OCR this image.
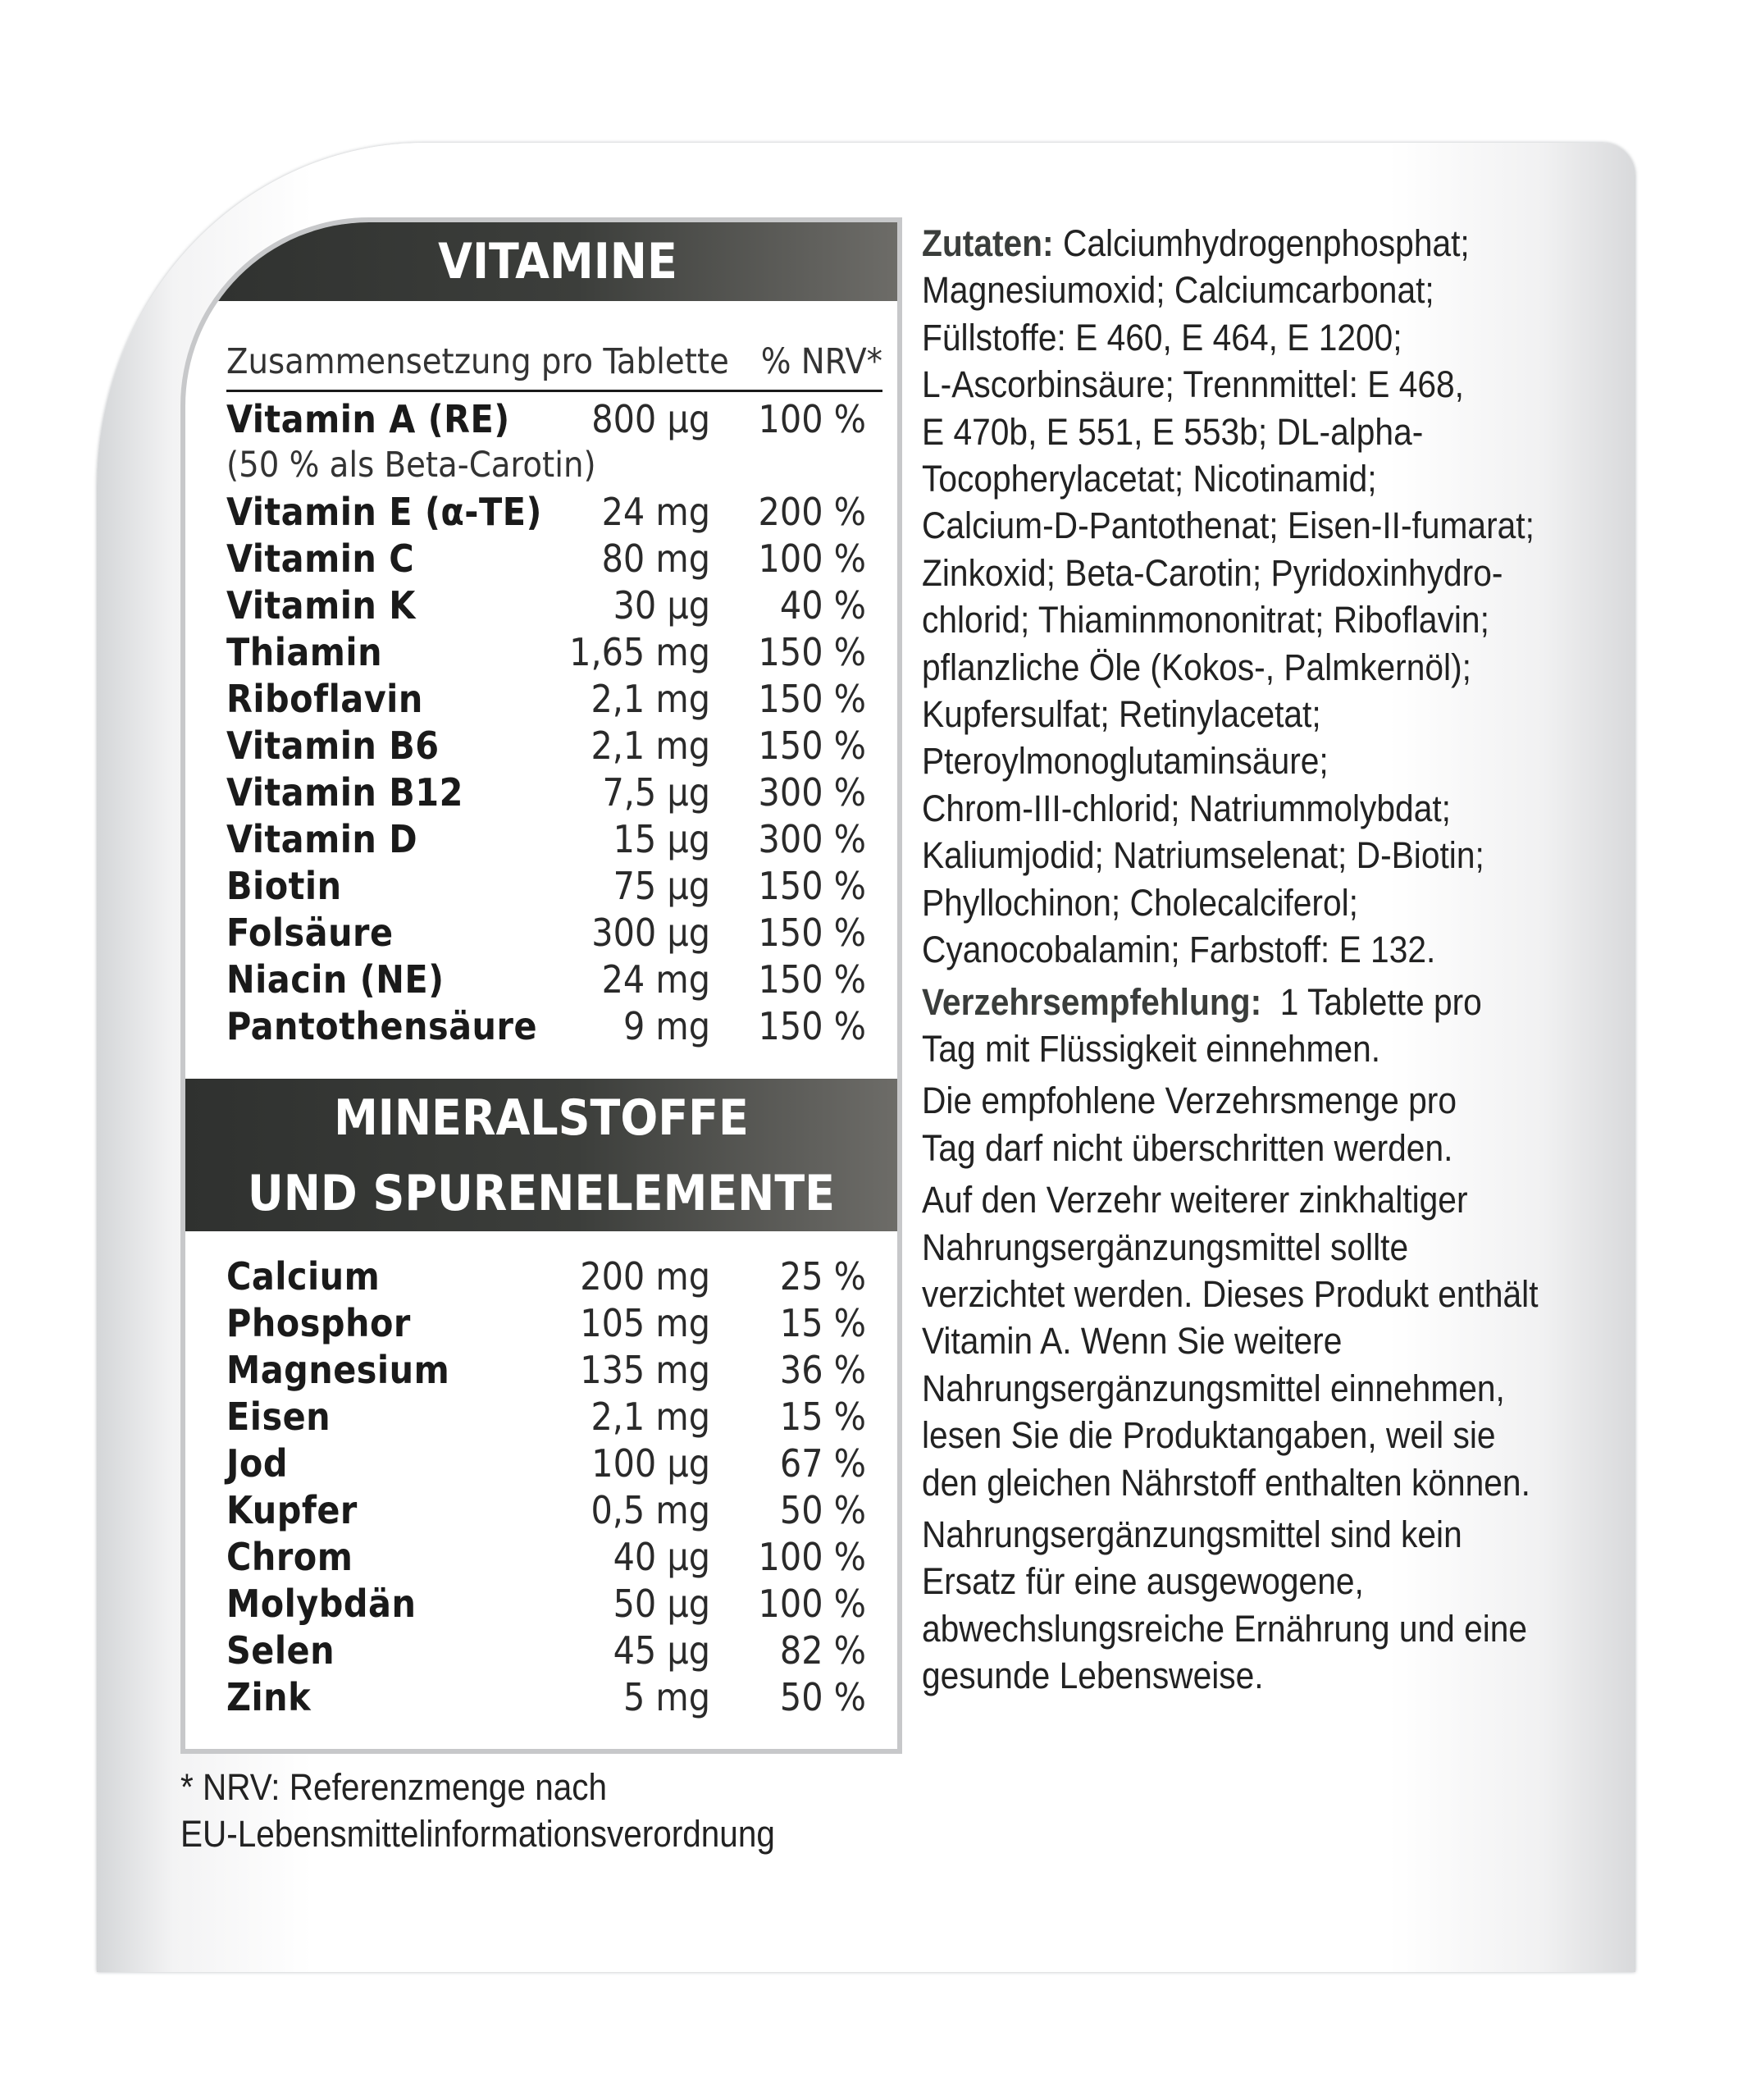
VITAMINE
Zusammensetzung pro Tablette % NRV*
Vitamin A (RE) 800 µg 100 %
(50 % als Beta-Carotin)
Vitamin E (α-TE) 24 mg 200 %
Vitamin C	80 mg 100 %
Vitamin K	30 µg 40 %
Thiamin	1,65 mg 150 %
Riboflavin	2,1 mg 150 %
Vitamin B6	2,1 mg 150 %
Vitamin B12	7,5 µg 300 %
Vitamin D	15 µg 300 %
Biotin	75 µg 150 %
Folsäure	300 µg 150 %
Niacin (NE)	24 mg 150 %
Pantothensäure 9 mg 150 %
MINERALSTOFFE
UND SPURENELEMENTE
Calcium	200 mg 25 %
Phosphor	105 mg 15 %
Magnesium	135 mg 36 %
Eisen	2,1 mg 15 %
Jod	100 µg 67 %
Kupfer	0,5 mg 50 %
Chrom	40 µg 100 %
Molybdän	50 µg 100 %
Selen	45 µg 82 %
Zink	5 mg 50 %
* NRV: Referenzmenge nach
EU-Lebensmittelinformationsverordnung

Zutaten: Calciumhydrogenphosphat;
Magnesiumoxid; Calciumcarbonat;
Füllstoffe: E 460, E 464, E 1200;
L-Ascorbinsäure; Trennmittel: E 468,
E 470b, E 551, E 553b; DL-alpha-
Tocopherylacetat; Nicotinamid;
Calcium-D-Pantothenat; Eisen-II-fumarat;
Zinkoxid; Beta-Carotin; Pyridoxinhydro-
chlorid; Thiaminmononitrat; Riboflavin;
pflanzliche Öle (Kokos-, Palmkernöl);
Kupfersulfat; Retinylacetat;
Pteroylmonoglutaminsäure;
Chrom-III-chlorid; Natriummolybdat;
Kaliumjodid; Natriumselenat; D-Biotin;
Phyllochinon; Cholecalciferol;
Cyanocobalamin; Farbstoff: E 132.

Verzehrsempfehlung: 1 Tablette pro
Tag mit Flüssigkeit einnehmen.

Die empfohlene Verzehrsmenge pro
Tag darf nicht überschritten werden.

Auf den Verzehr weiterer zinkhaltiger
Nahrungsergänzungsmittel sollte
verzichtet werden. Dieses Produkt enthält
Vitamin A. Wenn Sie weitere
Nahrungsergänzungsmittel einnehmen,
lesen Sie die Produktangaben, weil sie
den gleichen Nährstoff enthalten können.

Nahrungsergänzungsmittel sind kein
Ersatz für eine ausgewogene,
abwechslungsreiche Ernährung und eine
gesunde Lebensweise.
